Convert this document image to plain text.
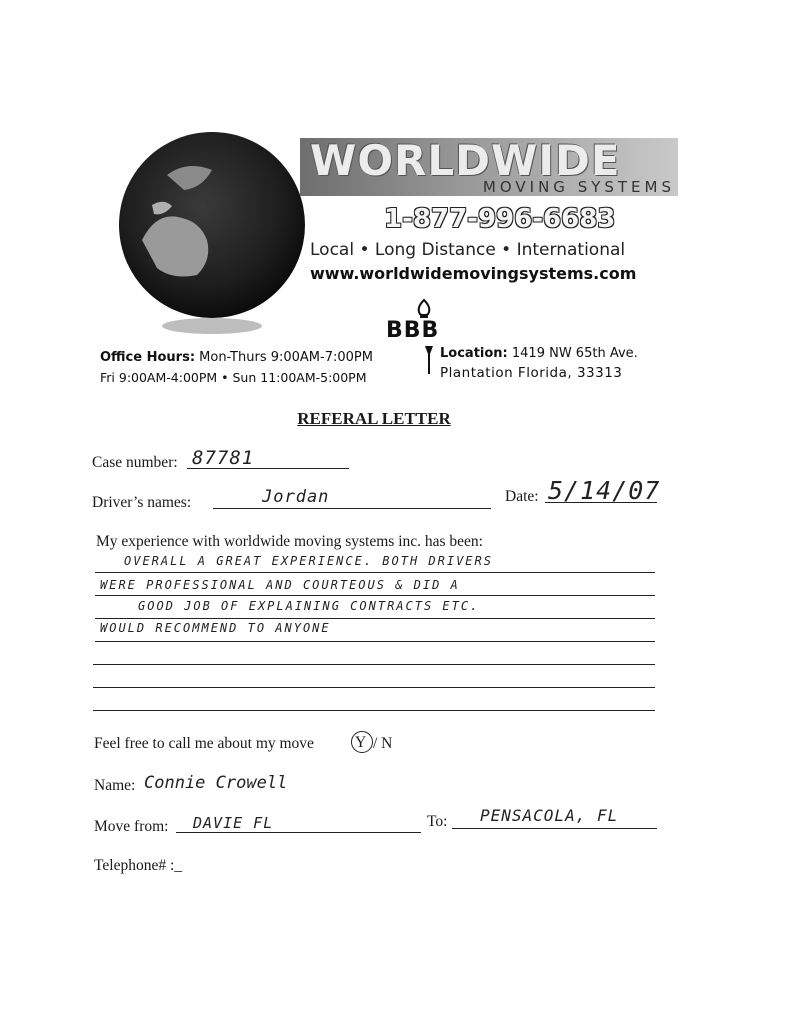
WORLDWIDE
MOVING SYSTEMS
1-877-996-6683
Local • Long Distance • International
www.worldwidemovingsystems.com
BBB
Office Hours: Mon-Thurs 9:00AM-7:00PM
Fri 9:00AM-4:00PM • Sun 11:00AM-5:00PM
Location: 1419 NW 65th Ave.
Plantation Florida, 33313
REFERAL LETTER
Case number: 87781
Driver’s names:	Jordan	Date: 5/14/07
My experience with worldwide moving systems inc. has been:
OVERALL A GREAT EXPERIENCE. BOTH DRIVERS
WERE PROFESSIONAL AND COURTEOUS & DID A
GOOD JOB OF EXPLAINING CONTRACTS ETC.
WOULD RECOMMEND TO ANYONE
Feel free to call me about my move	Y / N
Name: Connie Crowell
Move from: DAVIE FL	To: PENSACOLA, FL
Telephone# :_
